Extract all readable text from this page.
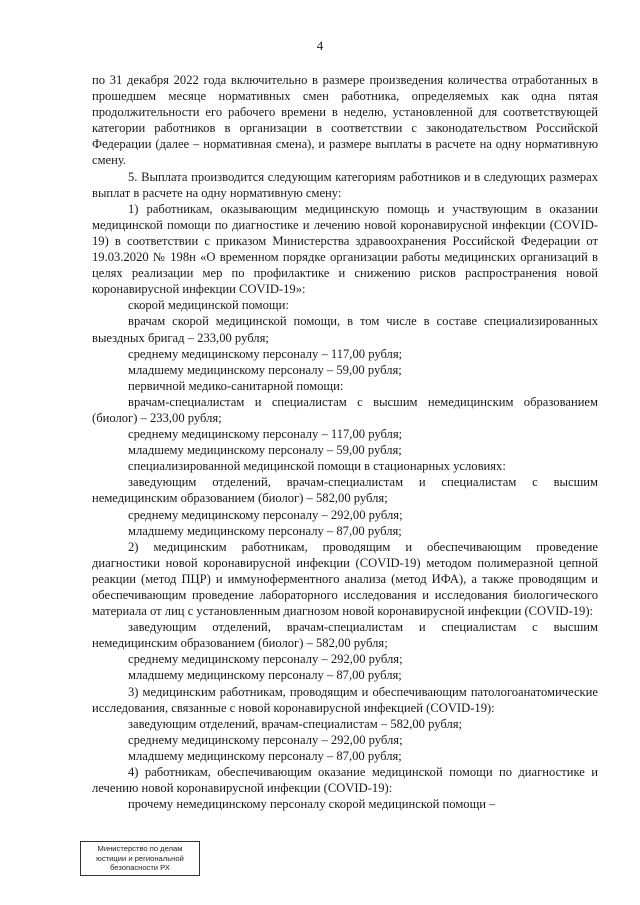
4

по 31 декабря 2022 года включительно в размере произведения количества отработанных в прошедшем месяце нормативных смен работника, определяемых как одна пятая продолжительности его рабочего времени в неделю, установленной для соответствующей категории работников в организации в соответствии с законодательством Российской Федерации (далее – нормативная смена), и размере выплаты в расчете на одну нормативную смену.

5. Выплата производится следующим категориям работников и в следующих размерах выплат в расчете на одну нормативную смену:

1) работникам, оказывающим медицинскую помощь и участвующим в оказании медицинской помощи по диагностике и лечению новой коронавирусной инфекции (COVID-19) в соответствии с приказом Министерства здравоохранения Российской Федерации от 19.03.2020 № 198н «О временном порядке организации работы медицинских организаций в целях реализации мер по профилактике и снижению рисков распространения новой коронавирусной инфекции COVID-19»:

скорой медицинской помощи:

врачам скорой медицинской помощи, в том числе в составе специализированных выездных бригад – 233,00 рубля;

среднему медицинскому персоналу – 117,00 рубля;

младшему медицинскому персоналу – 59,00 рубля;

первичной медико-санитарной помощи:

врачам-специалистам и специалистам с высшим немедицинским образованием (биолог) – 233,00 рубля;

среднему медицинскому персоналу – 117,00 рубля;

младшему медицинскому персоналу – 59,00 рубля;

специализированной медицинской помощи в стационарных условиях:

заведующим отделений, врачам-специалистам и специалистам с высшим немедицинским образованием (биолог) – 582,00 рубля;

среднему медицинскому персоналу – 292,00 рубля;

младшему медицинскому персоналу – 87,00 рубля;

2) медицинским работникам, проводящим и обеспечивающим проведение диагностики новой коронавирусной инфекции (COVID-19) методом полимеразной цепной реакции (метод ПЦР) и иммуноферментного анализа (метод ИФА), а также проводящим и обеспечивающим проведение лабораторного исследования и исследования биологического материала от лиц с установленным диагнозом новой коронавирусной инфекции (COVID-19):

заведующим отделений, врачам-специалистам и специалистам с высшим немедицинским образованием (биолог) – 582,00 рубля;

среднему медицинскому персоналу – 292,00 рубля;

младшему медицинскому персоналу – 87,00 рубля;

3) медицинским работникам, проводящим и обеспечивающим патологоанатомические исследования, связанные с новой коронавирусной инфекцией (COVID-19):

заведующим отделений, врачам-специалистам – 582,00 рубля;

среднему медицинскому персоналу – 292,00 рубля;

младшему медицинскому персоналу – 87,00 рубля;

4) работникам, обеспечивающим оказание медицинской помощи по диагностике и лечению новой коронавирусной инфекции (COVID-19):

прочему немедицинскому персоналу скорой медицинской помощи –

Министерство по делам
юстиции и региональной
безопасности РХ
